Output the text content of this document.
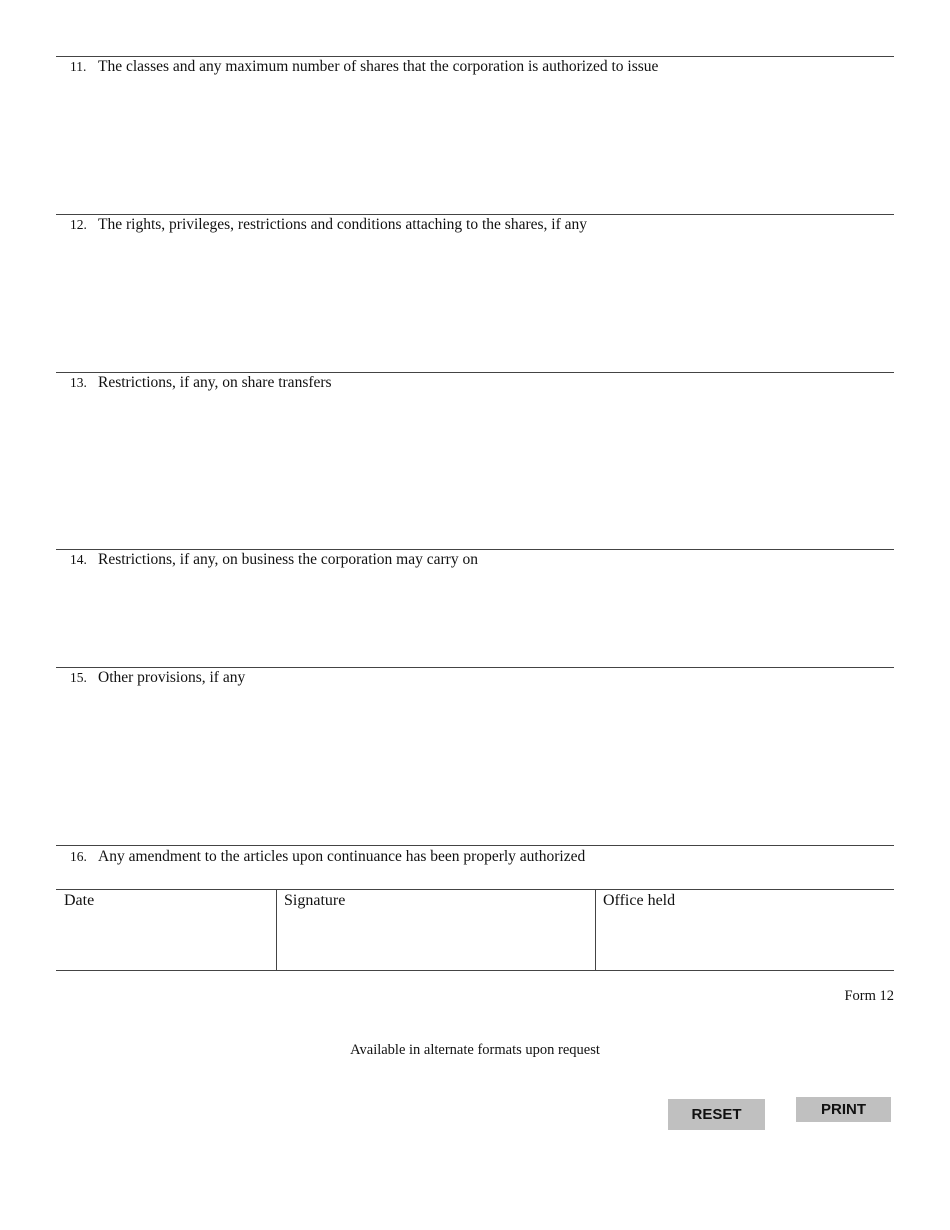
11. The classes and any maximum number of shares that the corporation is authorized to issue
12. The rights, privileges, restrictions and conditions attaching to the shares, if any
13. Restrictions, if any, on share transfers
14. Restrictions, if any, on business the corporation may carry on
15. Other provisions, if any
16. Any amendment to the articles upon continuance has been properly authorized
Date	Signature	Office held
Form 12
Available in alternate formats upon request
RESET	PRINT
